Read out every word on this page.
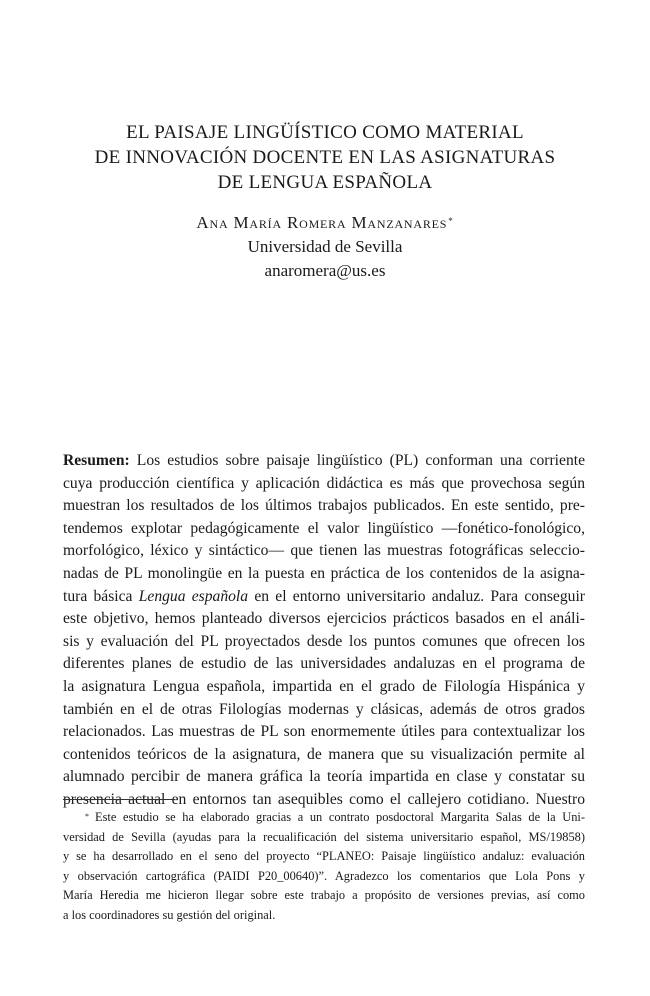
EL PAISAJE LINGÜÍSTICO COMO MATERIAL
DE INNOVACIÓN DOCENTE EN LAS ASIGNATURAS
DE LENGUA ESPAÑOLA
Ana María Romera Manzanares*
Universidad de Sevilla
anaromera@us.es
Resumen: Los estudios sobre paisaje lingüístico (PL) conforman una corriente
cuya producción científica y aplicación didáctica es más que provechosa según
muestran los resultados de los últimos trabajos publicados. En este sentido, pre-
tendemos explotar pedagógicamente el valor lingüístico —fonético-fonológico,
morfológico, léxico y sintáctico— que tienen las muestras fotográficas seleccio-
nadas de PL monolingüe en la puesta en práctica de los contenidos de la asigna-
tura básica Lengua española en el entorno universitario andaluz. Para conseguir
este objetivo, hemos planteado diversos ejercicios prácticos basados en el análi-
sis y evaluación del PL proyectados desde los puntos comunes que ofrecen los
diferentes planes de estudio de las universidades andaluzas en el programa de
la asignatura Lengua española, impartida en el grado de Filología Hispánica y
también en el de otras Filologías modernas y clásicas, además de otros grados
relacionados. Las muestras de PL son enormemente útiles para contextualizar los
contenidos teóricos de la asignatura, de manera que su visualización permite al
alumnado percibir de manera gráfica la teoría impartida en clase y constatar su
presencia actual en entornos tan asequibles como el callejero cotidiano. Nuestro
* Este estudio se ha elaborado gracias a un contrato posdoctoral Margarita Salas de la Uni-
versidad de Sevilla (ayudas para la recualificación del sistema universitario español, MS/19858)
y se ha desarrollado en el seno del proyecto “PLANEO: Paisaje lingüístico andaluz: evaluación
y observación cartográfica (PAIDI P20_00640)”. Agradezco los comentarios que Lola Pons y
María Heredia me hicieron llegar sobre este trabajo a propósito de versiones previas, así como
a los coordinadores su gestión del original.
